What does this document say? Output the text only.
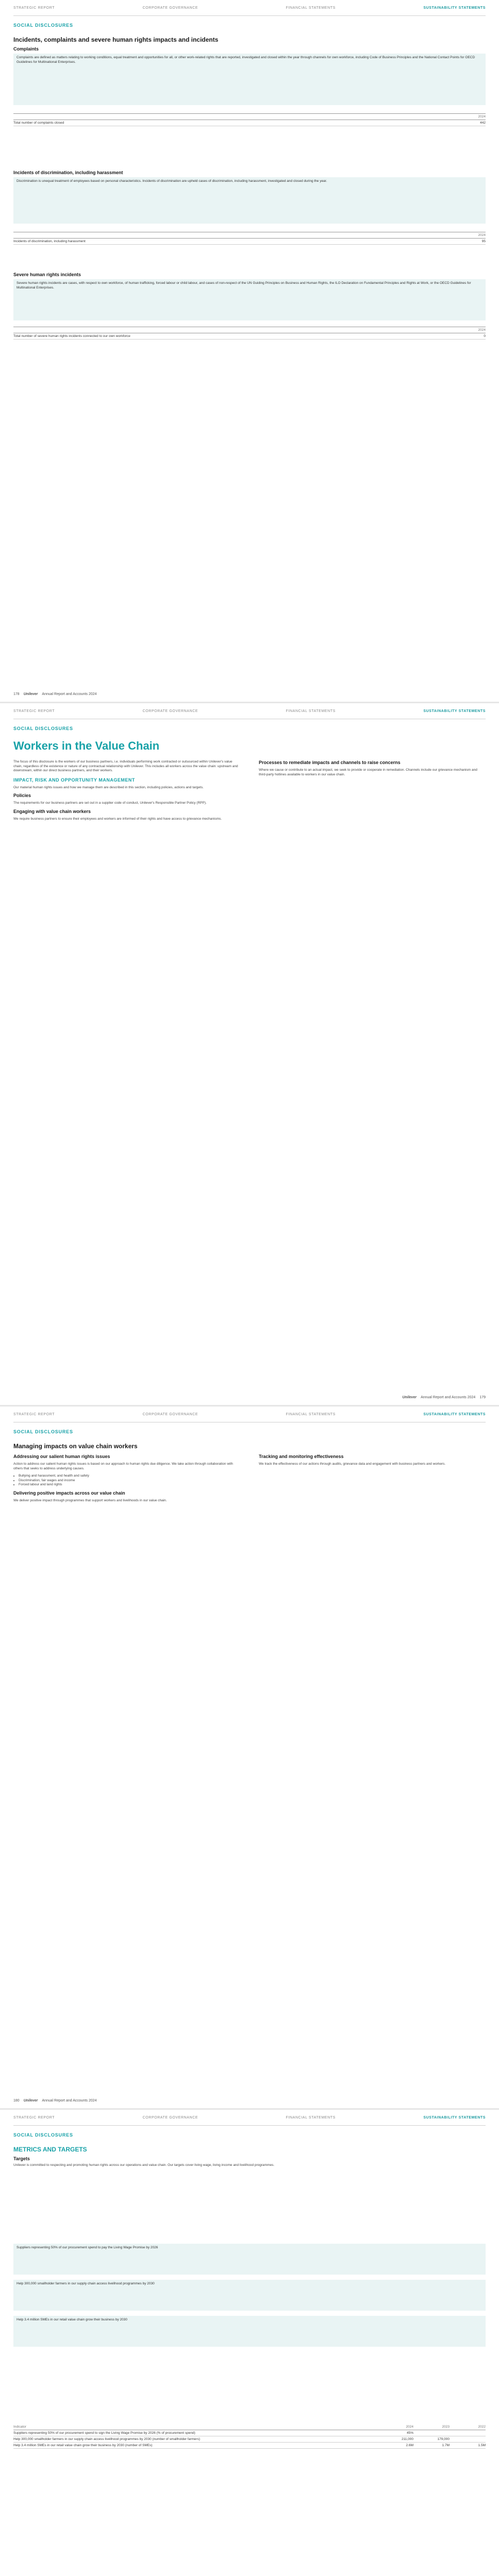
STRATEGIC REPORT	CORPORATE GOVERNANCE	FINANCIAL STATEMENTS	SUSTAINABILITY STATEMENTS
SOCIAL DISCLOSURES
Incidents, complaints and severe human rights impacts and incidents
Complaints
Complaints are defined as matters relating to working conditions, equal treatment and opportunities for all, or other work-related rights that are reported, investigated and closed within the year through channels for own workforce, including Code of Business Principles and the National Contact Points for OECD Guidelines for Multinational Enterprises.
2024
Total number of complaints closed	442
Incidents of discrimination, including harassment
Discrimination is unequal treatment of employees based on personal characteristics. Incidents of discrimination are upheld cases of discrimination, including harassment, investigated and closed during the year.
2024
Incidents of discrimination, including harassment	95
Severe human rights incidents
Severe human rights incidents are cases, with respect to own workforce, of human trafficking, forced labour or child labour, and cases of non-respect of the UN Guiding Principles on Business and Human Rights, the ILO Declaration on Fundamental Principles and Rights at Work, or the OECD Guidelines for Multinational Enterprises.
2024
Total number of severe human rights incidents connected to our own workforce	0
178 Unilever Annual Report and Accounts 2024
STRATEGIC REPORT	CORPORATE GOVERNANCE	FINANCIAL STATEMENTS	SUSTAINABILITY STATEMENTS
SOCIAL DISCLOSURES
Workers in the Value Chain
The focus of this disclosure is the workers of our business partners, i.e. individuals performing work contracted or outsourced within Unilever's value chain, regardless of the existence or nature of any contractual relationship with Unilever. This includes all workers across the value chain: upstream and downstream, within our direct business partners, and their workers.
IMPACT, RISK AND OPPORTUNITY MANAGEMENT
Our material human rights issues and how we manage them are described in this section, including policies, actions and targets.
Policies
The requirements for our business partners are set out in a supplier code of conduct, Unilever's Responsible Partner Policy (RPP).
Engaging with value chain workers
We require business partners to ensure their employees and workers are informed of their rights and have access to grievance mechanisms.
Processes to remediate impacts and channels to raise concerns
Where we cause or contribute to an actual impact, we seek to provide or cooperate in remediation. Channels include our grievance mechanism and third-party hotlines available to workers in our value chain.
Unilever Annual Report and Accounts 2024 179
STRATEGIC REPORT	CORPORATE GOVERNANCE	FINANCIAL STATEMENTS	SUSTAINABILITY STATEMENTS
SOCIAL DISCLOSURES
Managing impacts on value chain workers
Addressing our salient human rights issues
Action to address our salient human rights issues is based on our approach to human rights due diligence. We take action through collaboration with others that seeks to address underlying causes.
• Bullying and harassment, and health and safety
• Discrimination, fair wages and income
• Forced labour and land rights
Delivering positive impacts across our value chain
We deliver positive impact through programmes that support workers and livelihoods in our value chain.
Tracking and monitoring effectiveness
We track the effectiveness of our actions through audits, grievance data and engagement with business partners and workers.
180 Unilever Annual Report and Accounts 2024
STRATEGIC REPORT	CORPORATE GOVERNANCE	FINANCIAL STATEMENTS	SUSTAINABILITY STATEMENTS
SOCIAL DISCLOSURES
METRICS AND TARGETS
Targets
Unilever is committed to respecting and promoting human rights across our operations and value chain. Our targets cover living wage, living income and livelihood programmes.
Suppliers representing 50% of our procurement spend to pay the Living Wage Promise by 2026
Help 300,000 smallholder farmers in our supply chain access livelihood programmes by 2030
Help 3.4 million SMEs in our retail value chain grow their business by 2030
Indicator	2024	2023	2022
Suppliers representing 50% of our procurement spend to sign the Living Wage Promise by 2026 (% of procurement spend)	45%
Help 300,000 smallholder farmers in our supply chain access livelihood programmes by 2030 (number of smallholder farmers)	211,000	179,000
Help 3.4 million SMEs in our retail value chain grow their business by 2030 (number of SMEs)	2.6M	1.7M	1.5M
